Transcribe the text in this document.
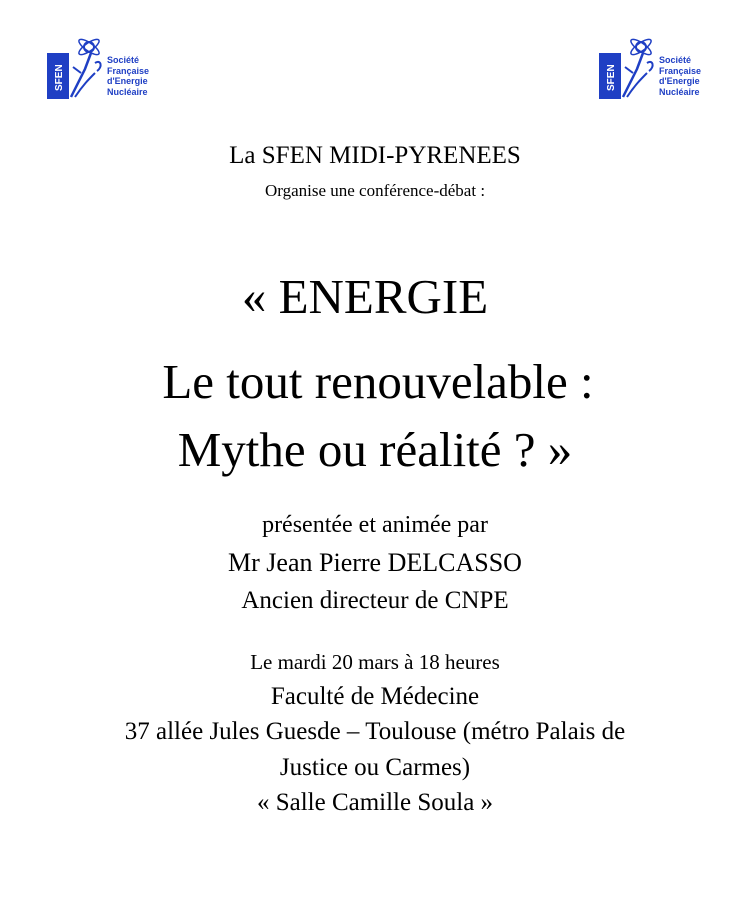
SFEN
Société
Française
d'Energie
Nucléaire
SFEN
Société
Française
d'Energie
Nucléaire
La SFEN MIDI-PYRENEES
Organise une conférence-débat :
« ENERGIE
Le tout renouvelable :
Mythe ou réalité ? »
présentée et animée par
Mr Jean Pierre DELCASSO
Ancien directeur de CNPE
Le mardi 20 mars à 18 heures
Faculté de Médecine
37 allée Jules Guesde – Toulouse (métro Palais de
Justice ou Carmes)
« Salle Camille Soula »
